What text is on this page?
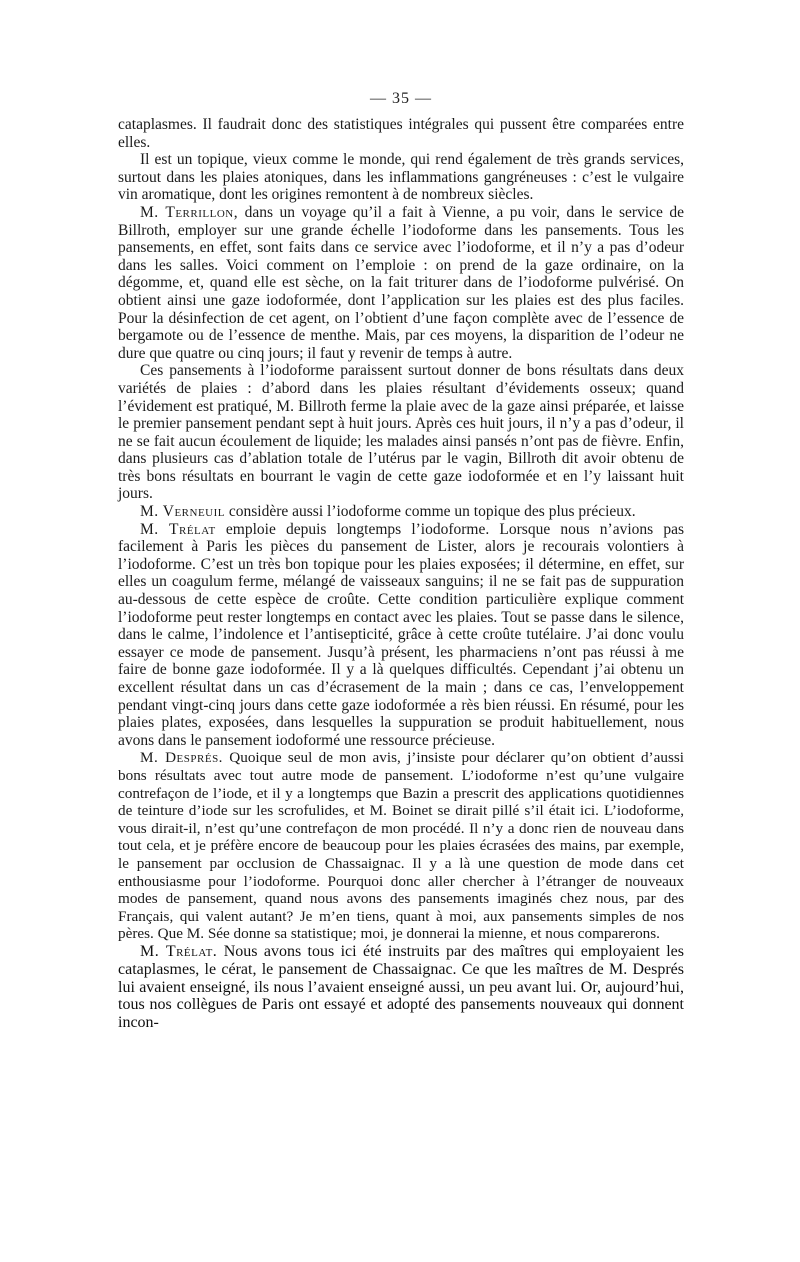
— 35 —

cataplasmes. Il faudrait donc des statistiques intégrales qui pussent être comparées entre elles.

Il est un topique, vieux comme le monde, qui rend également de très grands services, surtout dans les plaies atoniques, dans les inflammations gangréneuses : c’est le vulgaire vin aromatique, dont les origines remontent à de nombreux siècles.

M. Terrillon, dans un voyage qu’il a fait à Vienne, a pu voir, dans le service de Billroth, employer sur une grande échelle l’iodoforme dans les pansements. Tous les pansements, en effet, sont faits dans ce service avec l’iodoforme, et il n’y a pas d’odeur dans les salles. Voici comment on l’emploie : on prend de la gaze ordinaire, on la dégomme, et, quand elle est sèche, on la fait triturer dans de l’iodoforme pulvérisé. On obtient ainsi une gaze iodoformée, dont l’application sur les plaies est des plus faciles. Pour la désinfection de cet agent, on l’obtient d’une façon complète avec de l’essence de bergamote ou de l’essence de menthe. Mais, par ces moyens, la disparition de l’odeur ne dure que quatre ou cinq jours; il faut y revenir de temps à autre.

Ces pansements à l’iodoforme paraissent surtout donner de bons résultats dans deux variétés de plaies : d’abord dans les plaies résultant d’évidements osseux; quand l’évidement est pratiqué, M. Billroth ferme la plaie avec de la gaze ainsi préparée, et laisse le premier pansement pendant sept à huit jours. Après ces huit jours, il n’y a pas d’odeur, il ne se fait aucun écoulement de liquide; les malades ainsi pansés n’ont pas de fièvre. Enfin, dans plusieurs cas d’ablation totale de l’utérus par le vagin, Billroth dit avoir obtenu de très bons résultats en bourrant le vagin de cette gaze iodoformée et en l’y laissant huit jours.

M. Verneuil considère aussi l’iodoforme comme un topique des plus précieux.

M. Trélat emploie depuis longtemps l’iodoforme. Lorsque nous n’avions pas facilement à Paris les pièces du pansement de Lister, alors je recourais volontiers à l’iodoforme. C’est un très bon topique pour les plaies exposées; il détermine, en effet, sur elles un coagulum ferme, mélangé de vaisseaux sanguins; il ne se fait pas de suppuration au-dessous de cette espèce de croûte. Cette condition particulière explique comment l’iodoforme peut rester longtemps en contact avec les plaies. Tout se passe dans le silence, dans le calme, l’indolence et l’antisepticité, grâce à cette croûte tutélaire. J’ai donc voulu essayer ce mode de pansement. Jusqu’à présent, les pharmaciens n’ont pas réussi à me faire de bonne gaze iodoformée. Il y a là quelques difficultés. Cependant j’ai obtenu un excellent résultat dans un cas d’écrasement de la main ; dans ce cas, l’enveloppement pendant vingt-cinq jours dans cette gaze iodoformée a rès bien réussi. En résumé, pour les plaies plates, exposées, dans lesquelles la suppuration se produit habituellement, nous avons dans le pansement iodoformé une ressource précieuse.

M. Després. Quoique seul de mon avis, j’insiste pour déclarer qu’on obtient d’aussi bons résultats avec tout autre mode de pansement. L’iodoforme n’est qu’une vulgaire contrefaçon de l’iode, et il y a longtemps que Bazin a prescrit des applications quotidiennes de teinture d’iode sur les scrofulides, et M. Boinet se dirait pillé s’il était ici. L’iodoforme, vous dirait-il, n’est qu’une contrefaçon de mon procédé. Il n’y a donc rien de nouveau dans tout cela, et je préfère encore de beaucoup pour les plaies écrasées des mains, par exemple, le pansement par occlusion de Chassaignac. Il y a là une question de mode dans cet enthousiasme pour l’iodoforme. Pourquoi donc aller chercher à l’étranger de nouveaux modes de pansement, quand nous avons des pansements imaginés chez nous, par des Français, qui valent autant? Je m’en tiens, quant à moi, aux pansements simples de nos pères. Que M. Sée donne sa statistique; moi, je donnerai la mienne, et nous comparerons.

M. Trélat. Nous avons tous ici été instruits par des maîtres qui employaient les cataplasmes, le cérat, le pansement de Chassaignac. Ce que les maîtres de M. Després lui avaient enseigné, ils nous l’avaient enseigné aussi, un peu avant lui. Or, aujourd’hui, tous nos collègues de Paris ont essayé et adopté des pansements nouveaux qui donnent incon-
